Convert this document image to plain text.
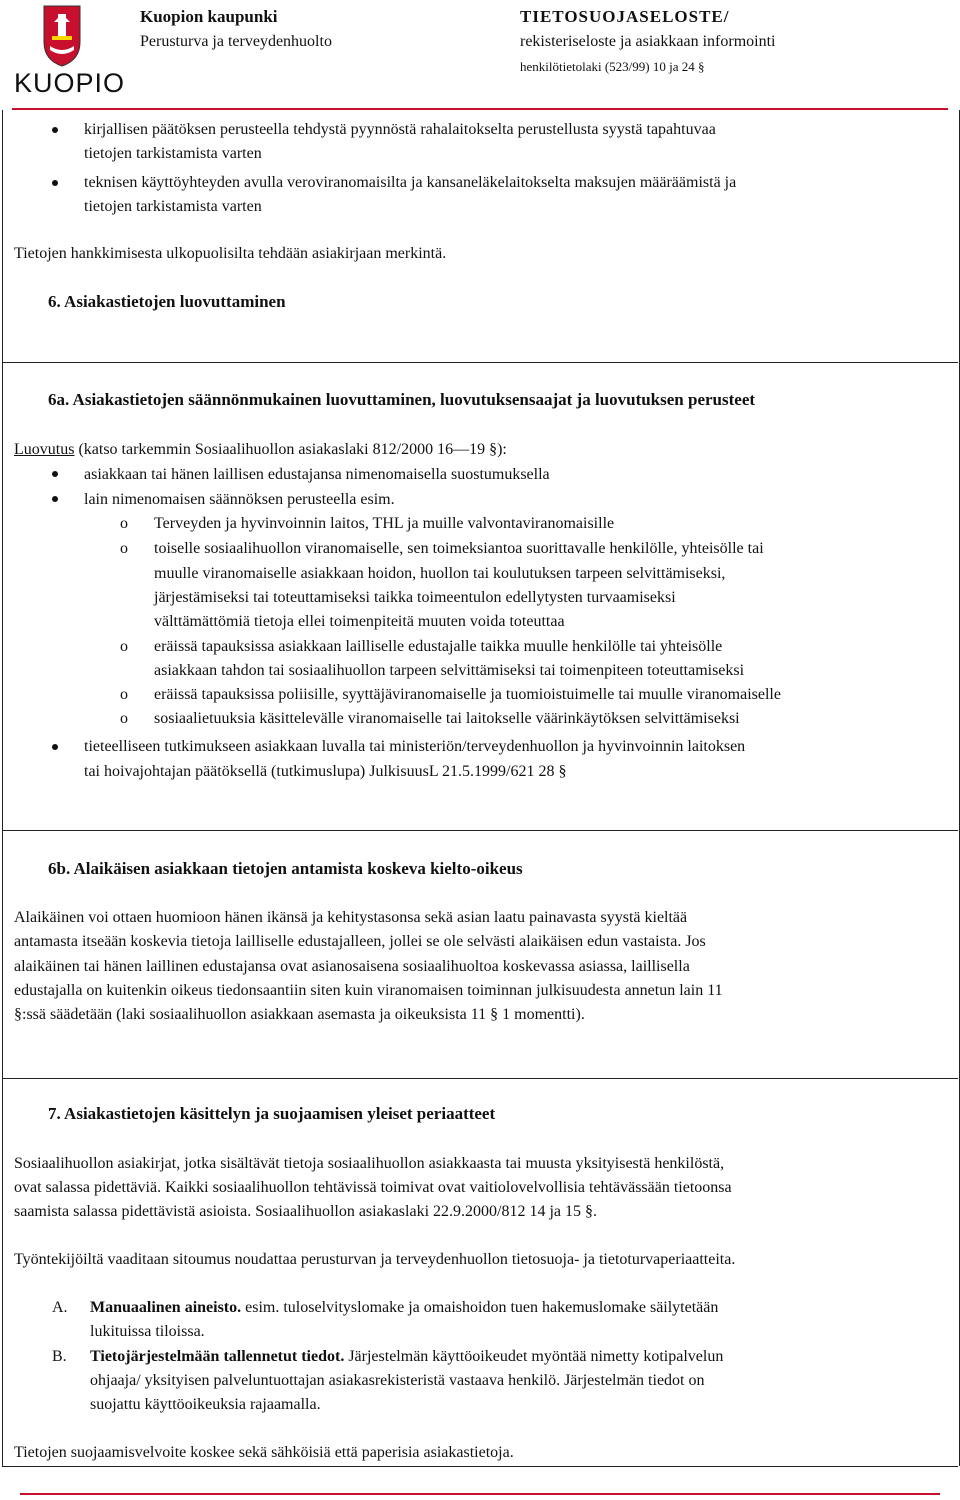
KUOPIO
Kuopion kaupunki
Perusturva ja terveydenhuolto
TIETOSUOJASELOSTE/
rekisteriseloste ja asiakkaan informointi
henkilötietolaki (523/99) 10 ja 24 §
kirjallisen päätöksen perusteella tehdystä pyynnöstä rahalaitokselta perustellusta syystä tapahtuvaa
tietojen tarkistamista varten
teknisen käyttöyhteyden avulla veroviranomaisilta ja kansaneläkelaitokselta maksujen määräämistä ja
tietojen tarkistamista varten
Tietojen hankkimisesta ulkopuolisilta tehdään asiakirjaan merkintä.
6. Asiakastietojen luovuttaminen
6a. Asiakastietojen säännönmukainen luovuttaminen, luovutuksensaajat ja luovutuksen perusteet
Luovutus (katso tarkemmin Sosiaalihuollon asiakaslaki 812/2000 16—19 §):
asiakkaan tai hänen laillisen edustajansa nimenomaisella suostumuksella
lain nimenomaisen säännöksen perusteella esim.
o Terveyden ja hyvinvoinnin laitos, THL ja muille valvontaviranomaisille
o toiselle sosiaalihuollon viranomaiselle, sen toimeksiantoa suorittavalle henkilölle, yhteisölle tai
muulle viranomaiselle asiakkaan hoidon, huollon tai koulutuksen tarpeen selvittämiseksi,
järjestämiseksi tai toteuttamiseksi taikka toimeentulon edellytysten turvaamiseksi
välttämättömiä tietoja ellei toimenpiteitä muuten voida toteuttaa
o eräissä tapauksissa asiakkaan lailliselle edustajalle taikka muulle henkilölle tai yhteisölle
asiakkaan tahdon tai sosiaalihuollon tarpeen selvittämiseksi tai toimenpiteen toteuttamiseksi
o eräissä tapauksissa poliisille, syyttäjäviranomaiselle ja tuomioistuimelle tai muulle viranomaiselle
o sosiaalietuuksia käsittelevälle viranomaiselle tai laitokselle väärinkäytöksen selvittämiseksi
tieteelliseen tutkimukseen asiakkaan luvalla tai ministeriön/terveydenhuollon ja hyvinvoinnin laitoksen
tai hoivajohtajan päätöksellä (tutkimuslupa) JulkisuusL 21.5.1999/621 28 §
6b. Alaikäisen asiakkaan tietojen antamista koskeva kielto-oikeus
Alaikäinen voi ottaen huomioon hänen ikänsä ja kehitystasonsa sekä asian laatu painavasta syystä kieltää
antamasta itseään koskevia tietoja lailliselle edustajalleen, jollei se ole selvästi alaikäisen edun vastaista. Jos
alaikäinen tai hänen laillinen edustajansa ovat asianosaisena sosiaalihuoltoa koskevassa asiassa, laillisella
edustajalla on kuitenkin oikeus tiedonsaantiin siten kuin viranomaisen toiminnan julkisuudesta annetun lain 11
§:ssä säädetään (laki sosiaalihuollon asiakkaan asemasta ja oikeuksista 11 § 1 momentti).
7. Asiakastietojen käsittelyn ja suojaamisen yleiset periaatteet
Sosiaalihuollon asiakirjat, jotka sisältävät tietoja sosiaalihuollon asiakkaasta tai muusta yksityisestä henkilöstä,
ovat salassa pidettäviä. Kaikki sosiaalihuollon tehtävissä toimivat ovat vaitiolovelvollisia tehtävässään tietoonsa
saamista salassa pidettävistä asioista. Sosiaalihuollon asiakaslaki 22.9.2000/812 14 ja 15 §.
Työntekijöiltä vaaditaan sitoumus noudattaa perusturvan ja terveydenhuollon tietosuoja- ja tietoturvaperiaatteita.
A. Manuaalinen aineisto. esim. tuloselvityslomake ja omaishoidon tuen hakemuslomake säilytetään
lukituissa tiloissa.
B. Tietojärjestelmään tallennetut tiedot. Järjestelmän käyttöoikeudet myöntää nimetty kotipalvelun
ohjaaja/ yksityisen palveluntuottajan asiakasrekisteristä vastaava henkilö. Järjestelmän tiedot on
suojattu käyttöoikeuksia rajaamalla.
Tietojen suojaamisvelvoite koskee sekä sähköisiä että paperisia asiakastietoja.
